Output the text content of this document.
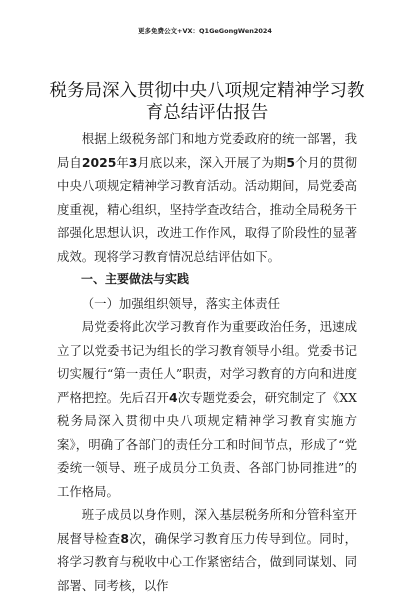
更多免费公文+VX：Q1GeGongWen2024
税务局深入贯彻中央八项规定精神学习教育总结评估报告

根据上级税务部门和地方党委政府的统一部署，我局自2025年3月底以来，深入开展了为期5个月的贯彻中央八项规定精神学习教育活动。活动期间，局党委高度重视，精心组织，坚持学查改结合，推动全局税务干部强化思想认识，改进工作作风，取得了阶段性的显著成效。现将学习教育情况总结评估如下。

一、主要做法与实践

（一）加强组织领导，落实主体责任

局党委将此次学习教育作为重要政治任务，迅速成立了以党委书记为组长的学习教育领导小组。党委书记切实履行“第一责任人”职责，对学习教育的方向和进度严格把控。先后召开4次专题党委会，研究制定了《XX税务局深入贯彻中央八项规定精神学习教育实施方案》，明确了各部门的责任分工和时间节点，形成了“党委统一领导、班子成员分工负责、各部门协同推进”的工作格局。

班子成员以身作则，深入基层税务所和分管科室开展督导检查8次，确保学习教育压力传导到位。同时，将学习教育与税收中心工作紧密结合，做到同谋划、同部署、同考核，以作
